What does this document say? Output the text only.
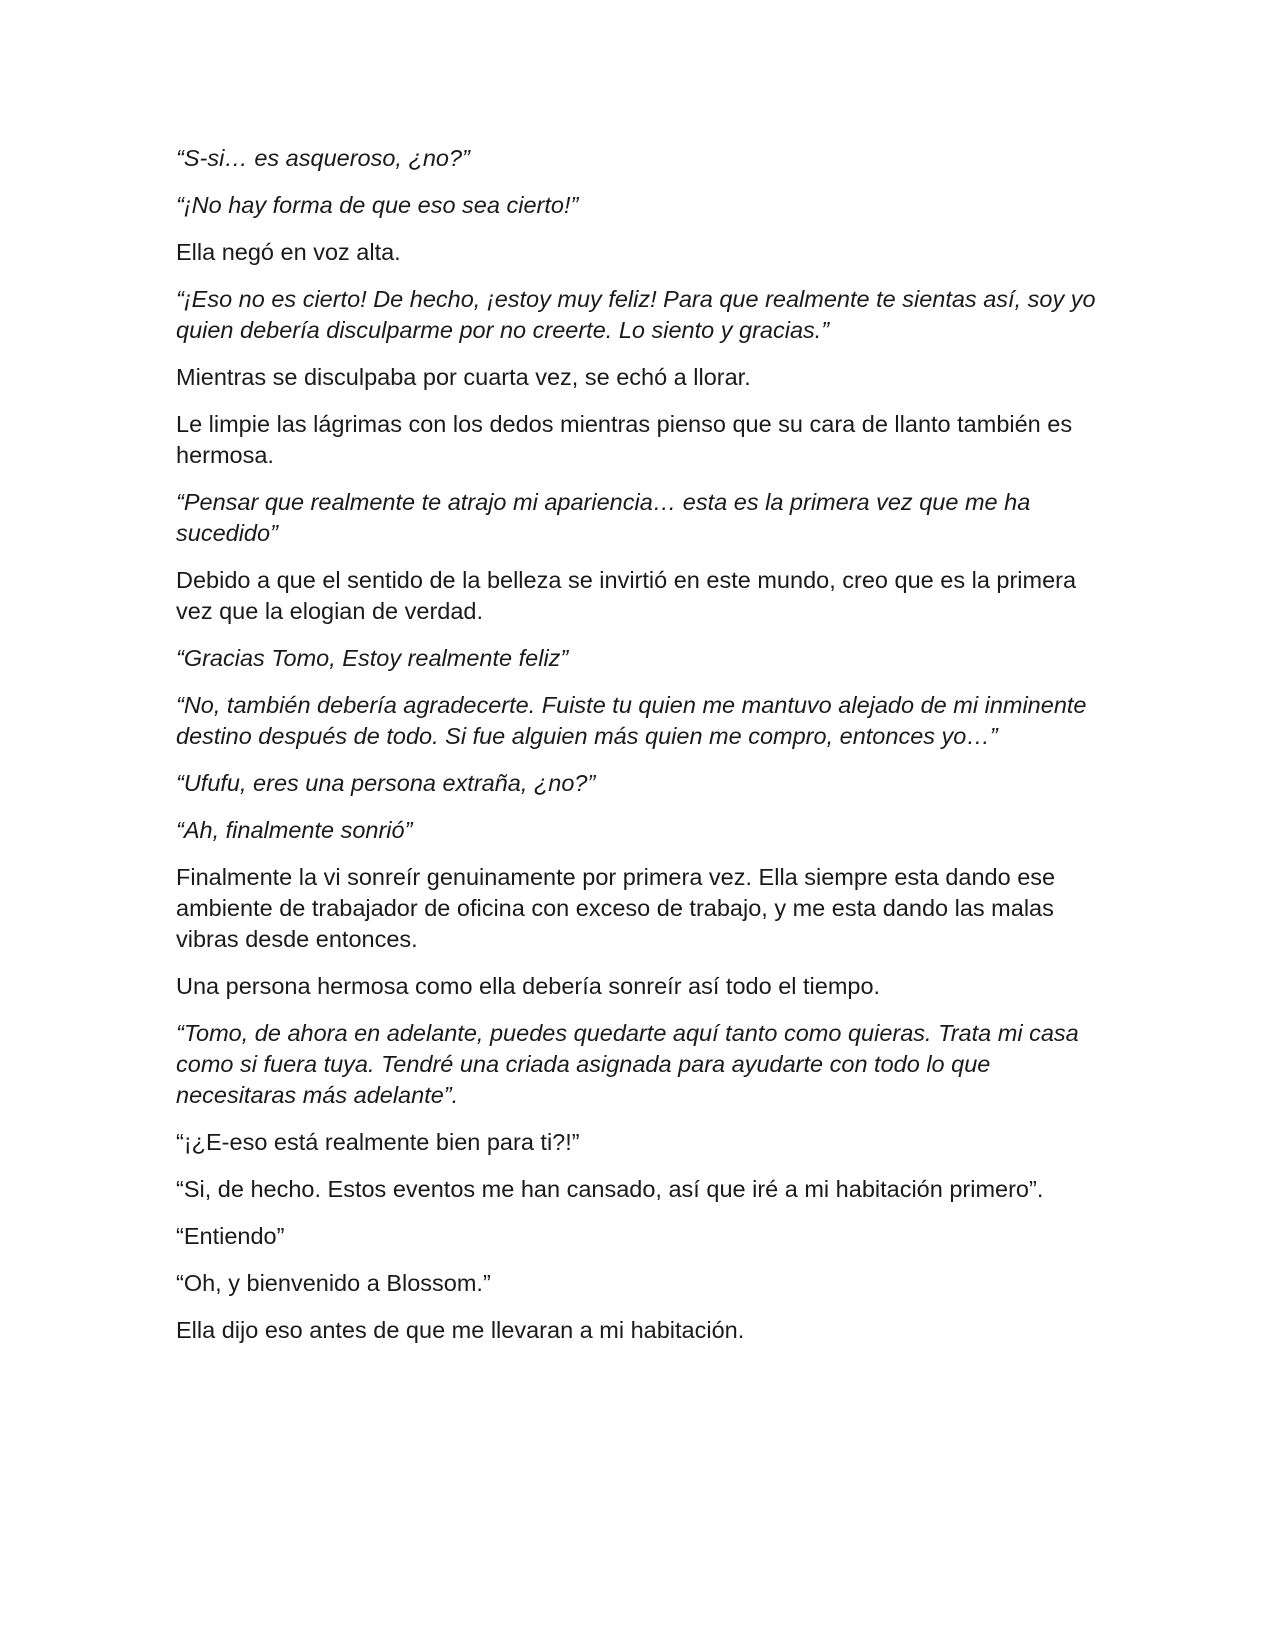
“S-si… es asqueroso, ¿no?”

“¡No hay forma de que eso sea cierto!”

Ella negó en voz alta.

“¡Eso no es cierto! De hecho, ¡estoy muy feliz! Para que realmente te sientas así, soy yo quien debería disculparme por no creerte. Lo siento y gracias.”

Mientras se disculpaba por cuarta vez, se echó a llorar.

Le limpie las lágrimas con los dedos mientras pienso que su cara de llanto también es hermosa.

“Pensar que realmente te atrajo mi apariencia… esta es la primera vez que me ha sucedido”

Debido a que el sentido de la belleza se invirtió en este mundo, creo que es la primera vez que la elogian de verdad.

“Gracias Tomo, Estoy realmente feliz”

“No, también debería agradecerte. Fuiste tu quien me mantuvo alejado de mi inminente destino después de todo. Si fue alguien más quien me compro, entonces yo…”

“Ufufu, eres una persona extraña, ¿no?”

“Ah, finalmente sonrió”

Finalmente la vi sonreír genuinamente por primera vez. Ella siempre esta dando ese ambiente de trabajador de oficina con exceso de trabajo, y me esta dando las malas vibras desde entonces.

Una persona hermosa como ella debería sonreír así todo el tiempo.

“Tomo, de ahora en adelante, puedes quedarte aquí tanto como quieras. Trata mi casa como si fuera tuya. Tendré una criada asignada para ayudarte con todo lo que necesitaras más adelante”.

“¡¿E-eso está realmente bien para ti?!”

“Si, de hecho. Estos eventos me han cansado, así que iré a mi habitación primero”.

“Entiendo”

“Oh, y bienvenido a Blossom.”

Ella dijo eso antes de que me llevaran a mi habitación.
